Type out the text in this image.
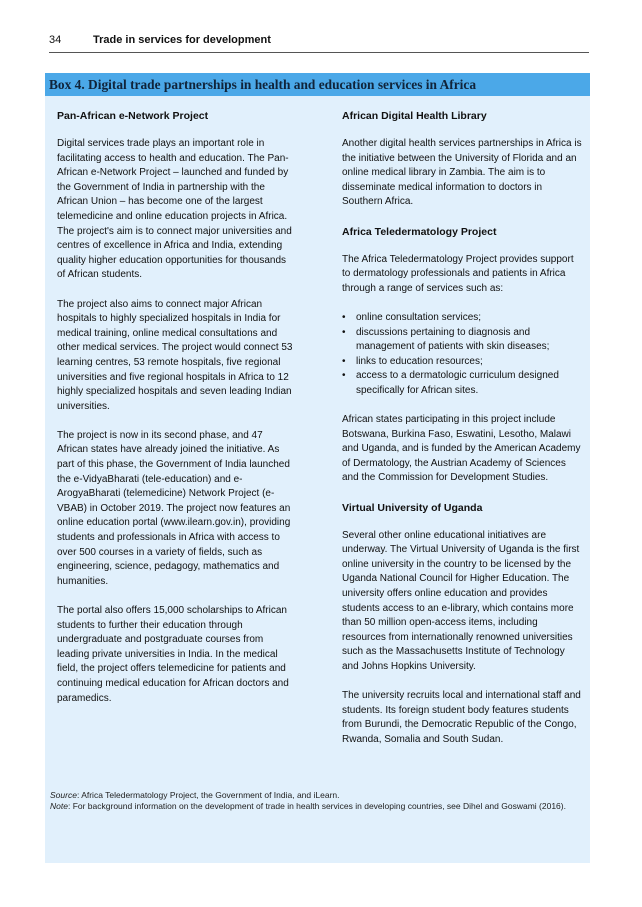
34	Trade in services for development
Box 4. Digital trade partnerships in health and education services in Africa
Pan-African e-Network Project

Digital services trade plays an important role in facilitating access to health and education. The Pan-African e-Network Project – launched and funded by the Government of India in partnership with the African Union – has become one of the largest telemedicine and online education projects in Africa. The project's aim is to connect major universities and centres of excellence in Africa and India, extending quality higher education opportunities for thousands of African students.

The project also aims to connect major African hospitals to highly specialized hospitals in India for medical training, online medical consultations and other medical services. The project would connect 53 learning centres, 53 remote hospitals, five regional universities and five regional hospitals in Africa to 12 highly specialized hospitals and seven leading Indian universities.

The project is now in its second phase, and 47 African states have already joined the initiative. As part of this phase, the Government of India launched the e-VidyaBharati (tele-education) and e-ArogyaBharati (telemedicine) Network Project (e-VBAB) in October 2019. The project now features an online education portal (www.ilearn.gov.in), providing students and professionals in Africa with access to over 500 courses in a variety of fields, such as engineering, science, pedagogy, mathematics and humanities.

The portal also offers 15,000 scholarships to African students to further their education through undergraduate and postgraduate courses from leading private universities in India. In the medical field, the project offers telemedicine for patients and continuing medical education for African doctors and paramedics.

African Digital Health Library

Another digital health services partnerships in Africa is the initiative between the University of Florida and an online medical library in Zambia. The aim is to disseminate medical information to doctors in Southern Africa.

Africa Teledermatology Project

The Africa Teledermatology Project provides support to dermatology professionals and patients in Africa through a range of services such as:

• online consultation services;
• discussions pertaining to diagnosis and management of patients with skin diseases;
• links to education resources;
• access to a dermatologic curriculum designed specifically for African sites.

African states participating in this project include Botswana, Burkina Faso, Eswatini, Lesotho, Malawi and Uganda, and is funded by the American Academy of Dermatology, the Austrian Academy of Sciences and the Commission for Development Studies.

Virtual University of Uganda

Several other online educational initiatives are underway. The Virtual University of Uganda is the first online university in the country to be licensed by the Uganda National Council for Higher Education. The university offers online education and provides students access to an e-library, which contains more than 50 million open-access items, including resources from internationally renowned universities such as the Massachusetts Institute of Technology and Johns Hopkins University.

The university recruits local and international staff and students. Its foreign student body features students from Burundi, the Democratic Republic of the Congo, Rwanda, Somalia and South Sudan.

Source: Africa Teledermatology Project, the Government of India, and iLearn.
Note: For background information on the development of trade in health services in developing countries, see Dihel and Goswami (2016).
